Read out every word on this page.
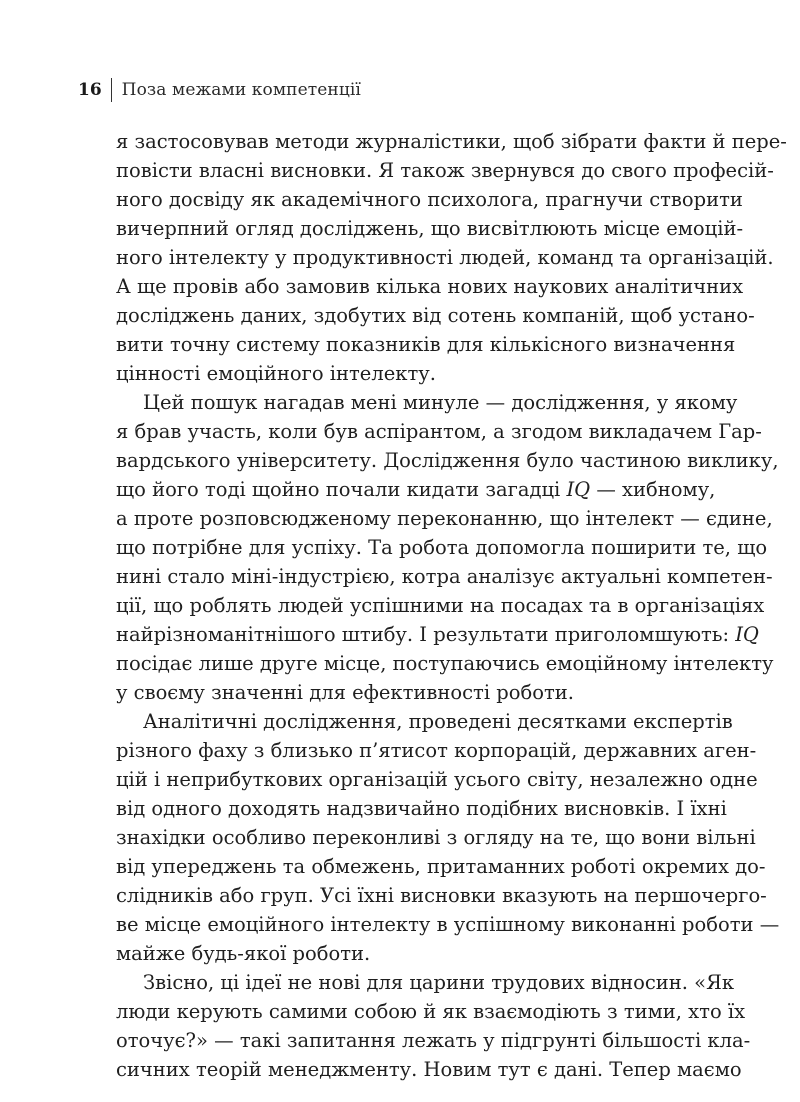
16 Поза межами компетенції
я застосовував методи журналістики, щоб зібрати факти й пере-
повісти власні висновки. Я також звернувся до свого професій-
ного досвіду як академічного психолога, прагнучи створити
вичерпний огляд досліджень, що висвітлюють місце емоцій-
ного інтелекту у продуктивності людей, команд та організацій.
А ще провів або замовив кілька нових наукових аналітичних
досліджень даних, здобутих від сотень компаній, щоб устано-
вити точну систему показників для кількісного визначення
цінності емоційного інтелекту.
Цей пошук нагадав мені минуле — дослідження, у якому
я брав участь, коли був аспірантом, а згодом викладачем Гар-
вардського університету. Дослідження було частиною виклику,
що його тоді щойно почали кидати загадці IQ — хибному,
а проте розповсюдженому переконанню, що інтелект — єдине,
що потрібне для успіху. Та робота допомогла поширити те, що
нині стало міні-індустрією, котра аналізує актуальні компетен-
ції, що роблять людей успішними на посадах та в організаціях
найрізноманітнішого штибу. І результати приголомшують: IQ
посідає лише друге місце, поступаючись емоційному інтелекту
у своєму значенні для ефективності роботи.
Аналітичні дослідження, проведені десятками експертів
різного фаху з близько п’ятисот корпорацій, державних аген-
цій і неприбуткових організацій усього світу, незалежно одне
від одного доходять надзвичайно подібних висновків. І їхні
знахідки особливо переконливі з огляду на те, що вони вільні
від упереджень та обмежень, притаманних роботі окремих до-
слідників або груп. Усі їхні висновки вказують на першочерго-
ве місце емоційного інтелекту в успішному виконанні роботи —
майже будь-якої роботи.
Звісно, ці ідеї не нові для царини трудових відносин. «Як
люди керують самими собою й як взаємодіють з тими, хто їх
оточує?» — такі запитання лежать у підгрунті більшості кла-
сичних теорій менеджменту. Новим тут є дані. Тепер маємо
